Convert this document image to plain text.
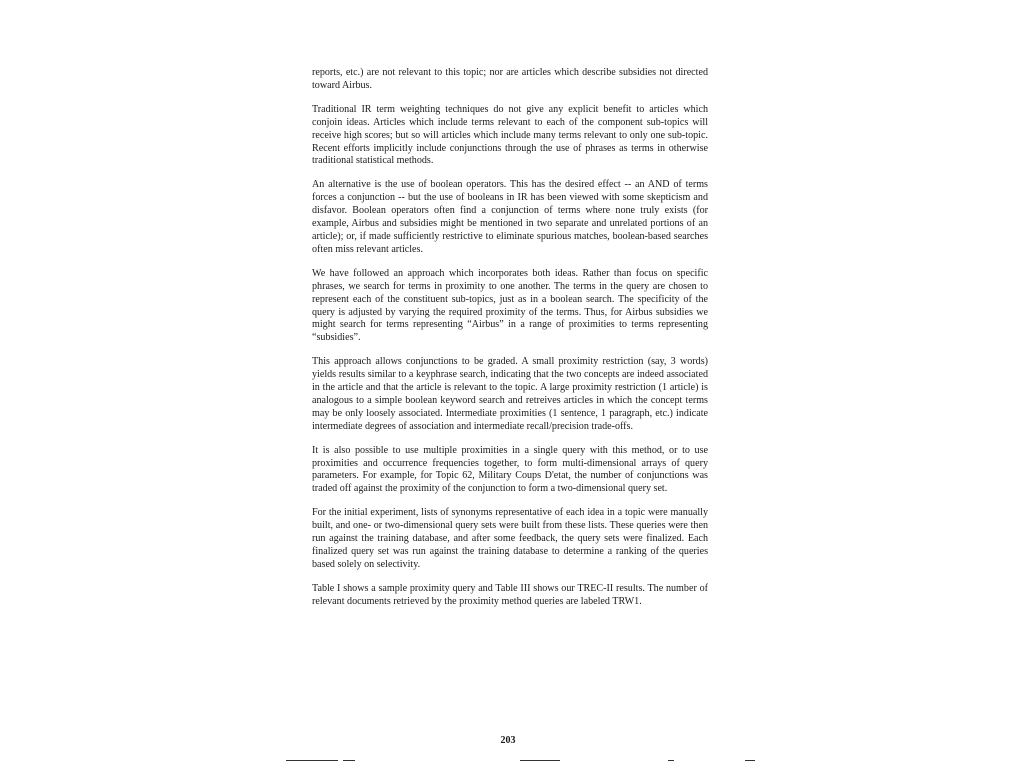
reports, etc.) are not relevant to this topic; nor are articles which describe subsidies not directed toward Airbus.

Traditional IR term weighting techniques do not give any explicit benefit to articles which conjoin ideas. Articles which include terms relevant to each of the component sub-topics will receive high scores; but so will articles which include many terms relevant to only one sub-topic. Recent efforts implicitly include conjunctions through the use of phrases as terms in otherwise traditional statistical methods.

An alternative is the use of boolean operators. This has the desired effect -- an AND of terms forces a conjunction -- but the use of booleans in IR has been viewed with some skepticism and disfavor. Boolean operators often find a conjunction of terms where none truly exists (for example, Airbus and subsidies might be mentioned in two separate and unrelated portions of an article); or, if made sufficiently restrictive to eliminate spurious matches, boolean-based searches often miss relevant articles.

We have followed an approach which incorporates both ideas. Rather than focus on specific phrases, we search for terms in proximity to one another. The terms in the query are chosen to represent each of the constituent sub-topics, just as in a boolean search. The specificity of the query is adjusted by varying the required proximity of the terms. Thus, for Airbus subsidies we might search for terms representing “Airbus” in a range of proximities to terms representing “subsidies”.

This approach allows conjunctions to be graded. A small proximity restriction (say, 3 words) yields results similar to a keyphrase search, indicating that the two concepts are indeed associated in the article and that the article is relevant to the topic. A large proximity restriction (1 article) is analogous to a simple boolean keyword search and retreives articles in which the concept terms may be only loosely associated. Intermediate proximities (1 sentence, 1 paragraph, etc.) indicate intermediate degrees of association and intermediate recall/precision trade-offs.

It is also possible to use multiple proximities in a single query with this method, or to use proximities and occurrence frequencies together, to form multi-dimensional arrays of query parameters. For example, for Topic 62, Military Coups D'etat, the number of conjunctions was traded off against the proximity of the conjunction to form a two-dimensional query set.

For the initial experiment, lists of synonyms representative of each idea in a topic were manually built, and one- or two-dimensional query sets were built from these lists. These queries were then run against the training database, and after some feedback, the query sets were finalized. Each finalized query set was run against the training database to determine a ranking of the queries based solely on selectivity.

Table I shows a sample proximity query and Table III shows our TREC-II results. The number of relevant documents retrieved by the proximity method queries are labeled TRW1.

203
